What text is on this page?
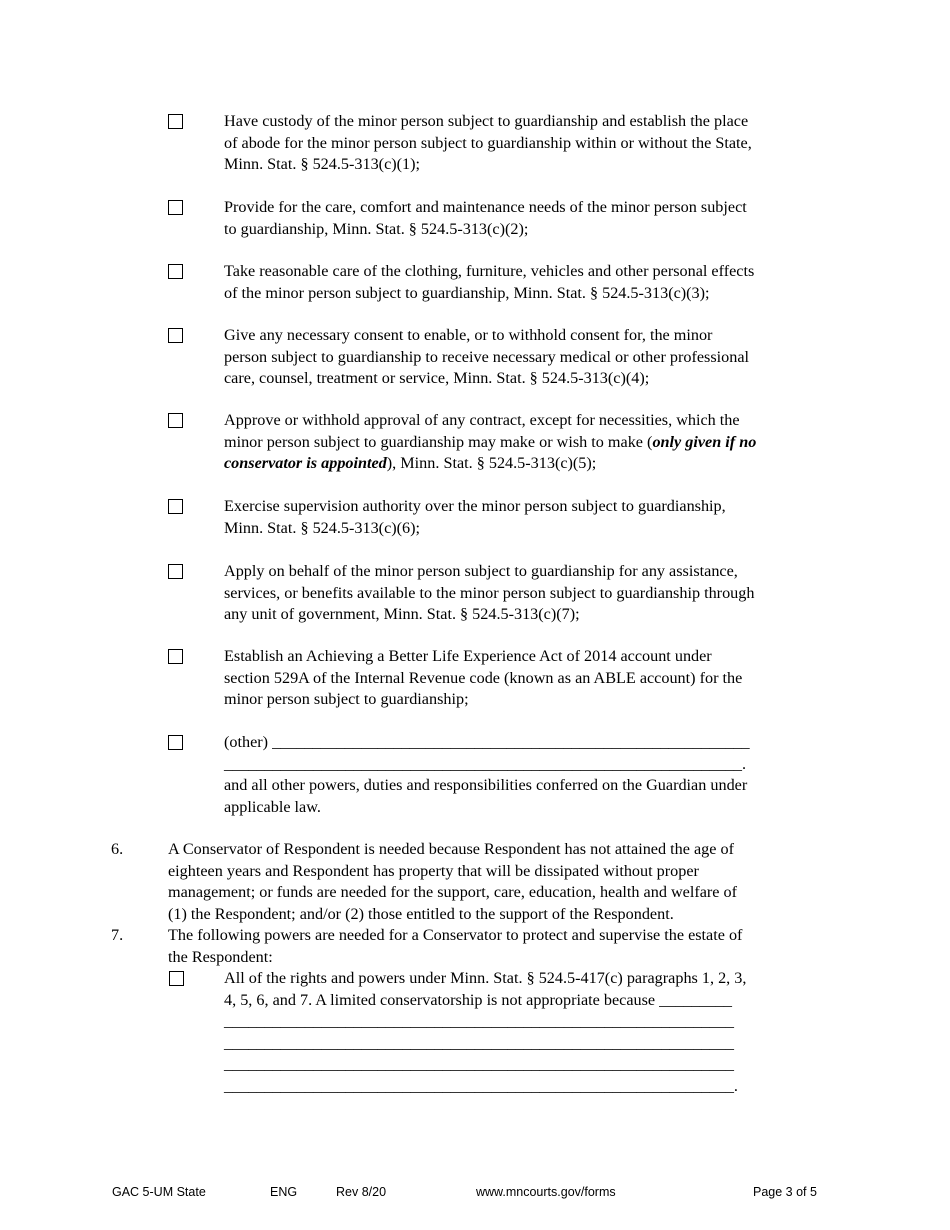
Have custody of the minor person subject to guardianship and establish the place
of abode for the minor person subject to guardianship within or without the State,
Minn. Stat. § 524.5-313(c)(1);
Provide for the care, comfort and maintenance needs of the minor person subject
to guardianship, Minn. Stat. § 524.5-313(c)(2);
Take reasonable care of the clothing, furniture, vehicles and other personal effects
of the minor person subject to guardianship, Minn. Stat. § 524.5-313(c)(3);
Give any necessary consent to enable, or to withhold consent for, the minor
person subject to guardianship to receive necessary medical or other professional
care, counsel, treatment or service, Minn. Stat. § 524.5-313(c)(4);
Approve or withhold approval of any contract, except for necessities, which the
minor person subject to guardianship may make or wish to make (only given if no
conservator is appointed), Minn. Stat. § 524.5-313(c)(5);
Exercise supervision authority over the minor person subject to guardianship,
Minn. Stat. § 524.5-313(c)(6);
Apply on behalf of the minor person subject to guardianship for any assistance,
services, or benefits available to the minor person subject to guardianship through
any unit of government, Minn. Stat. § 524.5-313(c)(7);
Establish an Achieving a Better Life Experience Act of 2014 account under
section 529A of the Internal Revenue code (known as an ABLE account) for the
minor person subject to guardianship;
(other) ___________________________________________________________
________________________________________________________________.
and all other powers, duties and responsibilities conferred on the Guardian under
applicable law.
6.	A Conservator of Respondent is needed because Respondent has not attained the age of
eighteen years and Respondent has property that will be dissipated without proper
management; or funds are needed for the support, care, education, health and welfare of
(1) the Respondent; and/or (2) those entitled to the support of the Respondent.
7.	The following powers are needed for a Conservator to protect and supervise the estate of
the Respondent:
All of the rights and powers under Minn. Stat. § 524.5-417(c) paragraphs 1, 2, 3,
4, 5, 6, and 7. A limited conservatorship is not appropriate because _________
_______________________________________________________________
_______________________________________________________________
_______________________________________________________________
_______________________________________________________________.
GAC 5-UM State	ENG	Rev 8/20	www.mncourts.gov/forms	Page 3 of 5
